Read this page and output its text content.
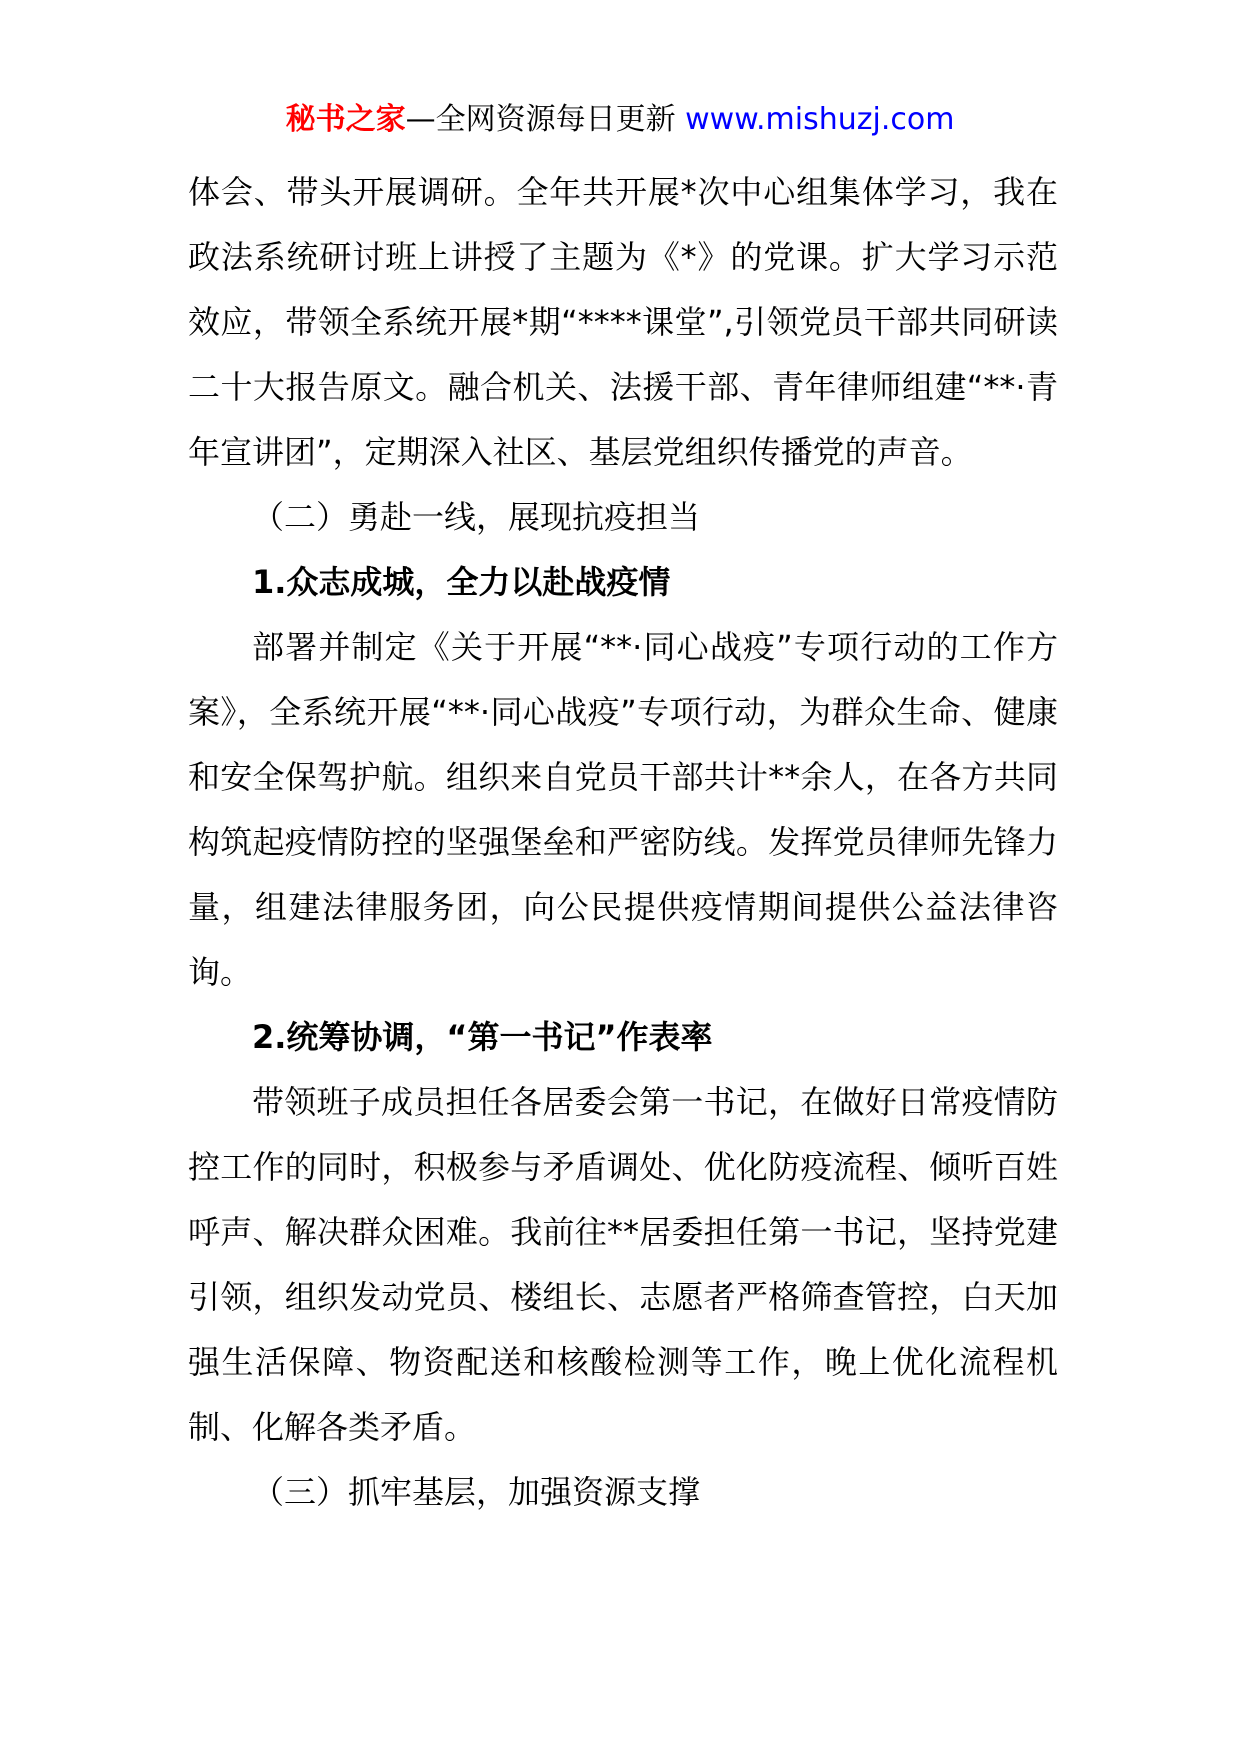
秘书之家—全网资源每日更新 www.mishuzj.com

体会、带头开展调研。全年共开展*次中心组集体学习，我在政法系统研讨班上讲授了主题为《*》的党课。扩大学习示范效应，带领全系统开展*期“****课堂”,引领党员干部共同研读二十大报告原文。融合机关、法援干部、青年律师组建“**·青年宣讲团”，定期深入社区、基层党组织传播党的声音。

（二）勇赴一线，展现抗疫担当

1.众志成城，全力以赴战疫情

部署并制定《关于开展“**·同心战疫”专项行动的工作方案》，全系统开展“**·同心战疫”专项行动，为群众生命、健康和安全保驾护航。组织来自党员干部共计**余人，在各方共同构筑起疫情防控的坚强堡垒和严密防线。发挥党员律师先锋力量，组建法律服务团，向公民提供疫情期间提供公益法律咨询。

2.统筹协调，“第一书记”作表率

带领班子成员担任各居委会第一书记，在做好日常疫情防控工作的同时，积极参与矛盾调处、优化防疫流程、倾听百姓呼声、解决群众困难。我前往**居委担任第一书记，坚持党建引领，组织发动党员、楼组长、志愿者严格筛查管控，白天加强生活保障、物资配送和核酸检测等工作，晚上优化流程机制、化解各类矛盾。

（三）抓牢基层，加强资源支撑
